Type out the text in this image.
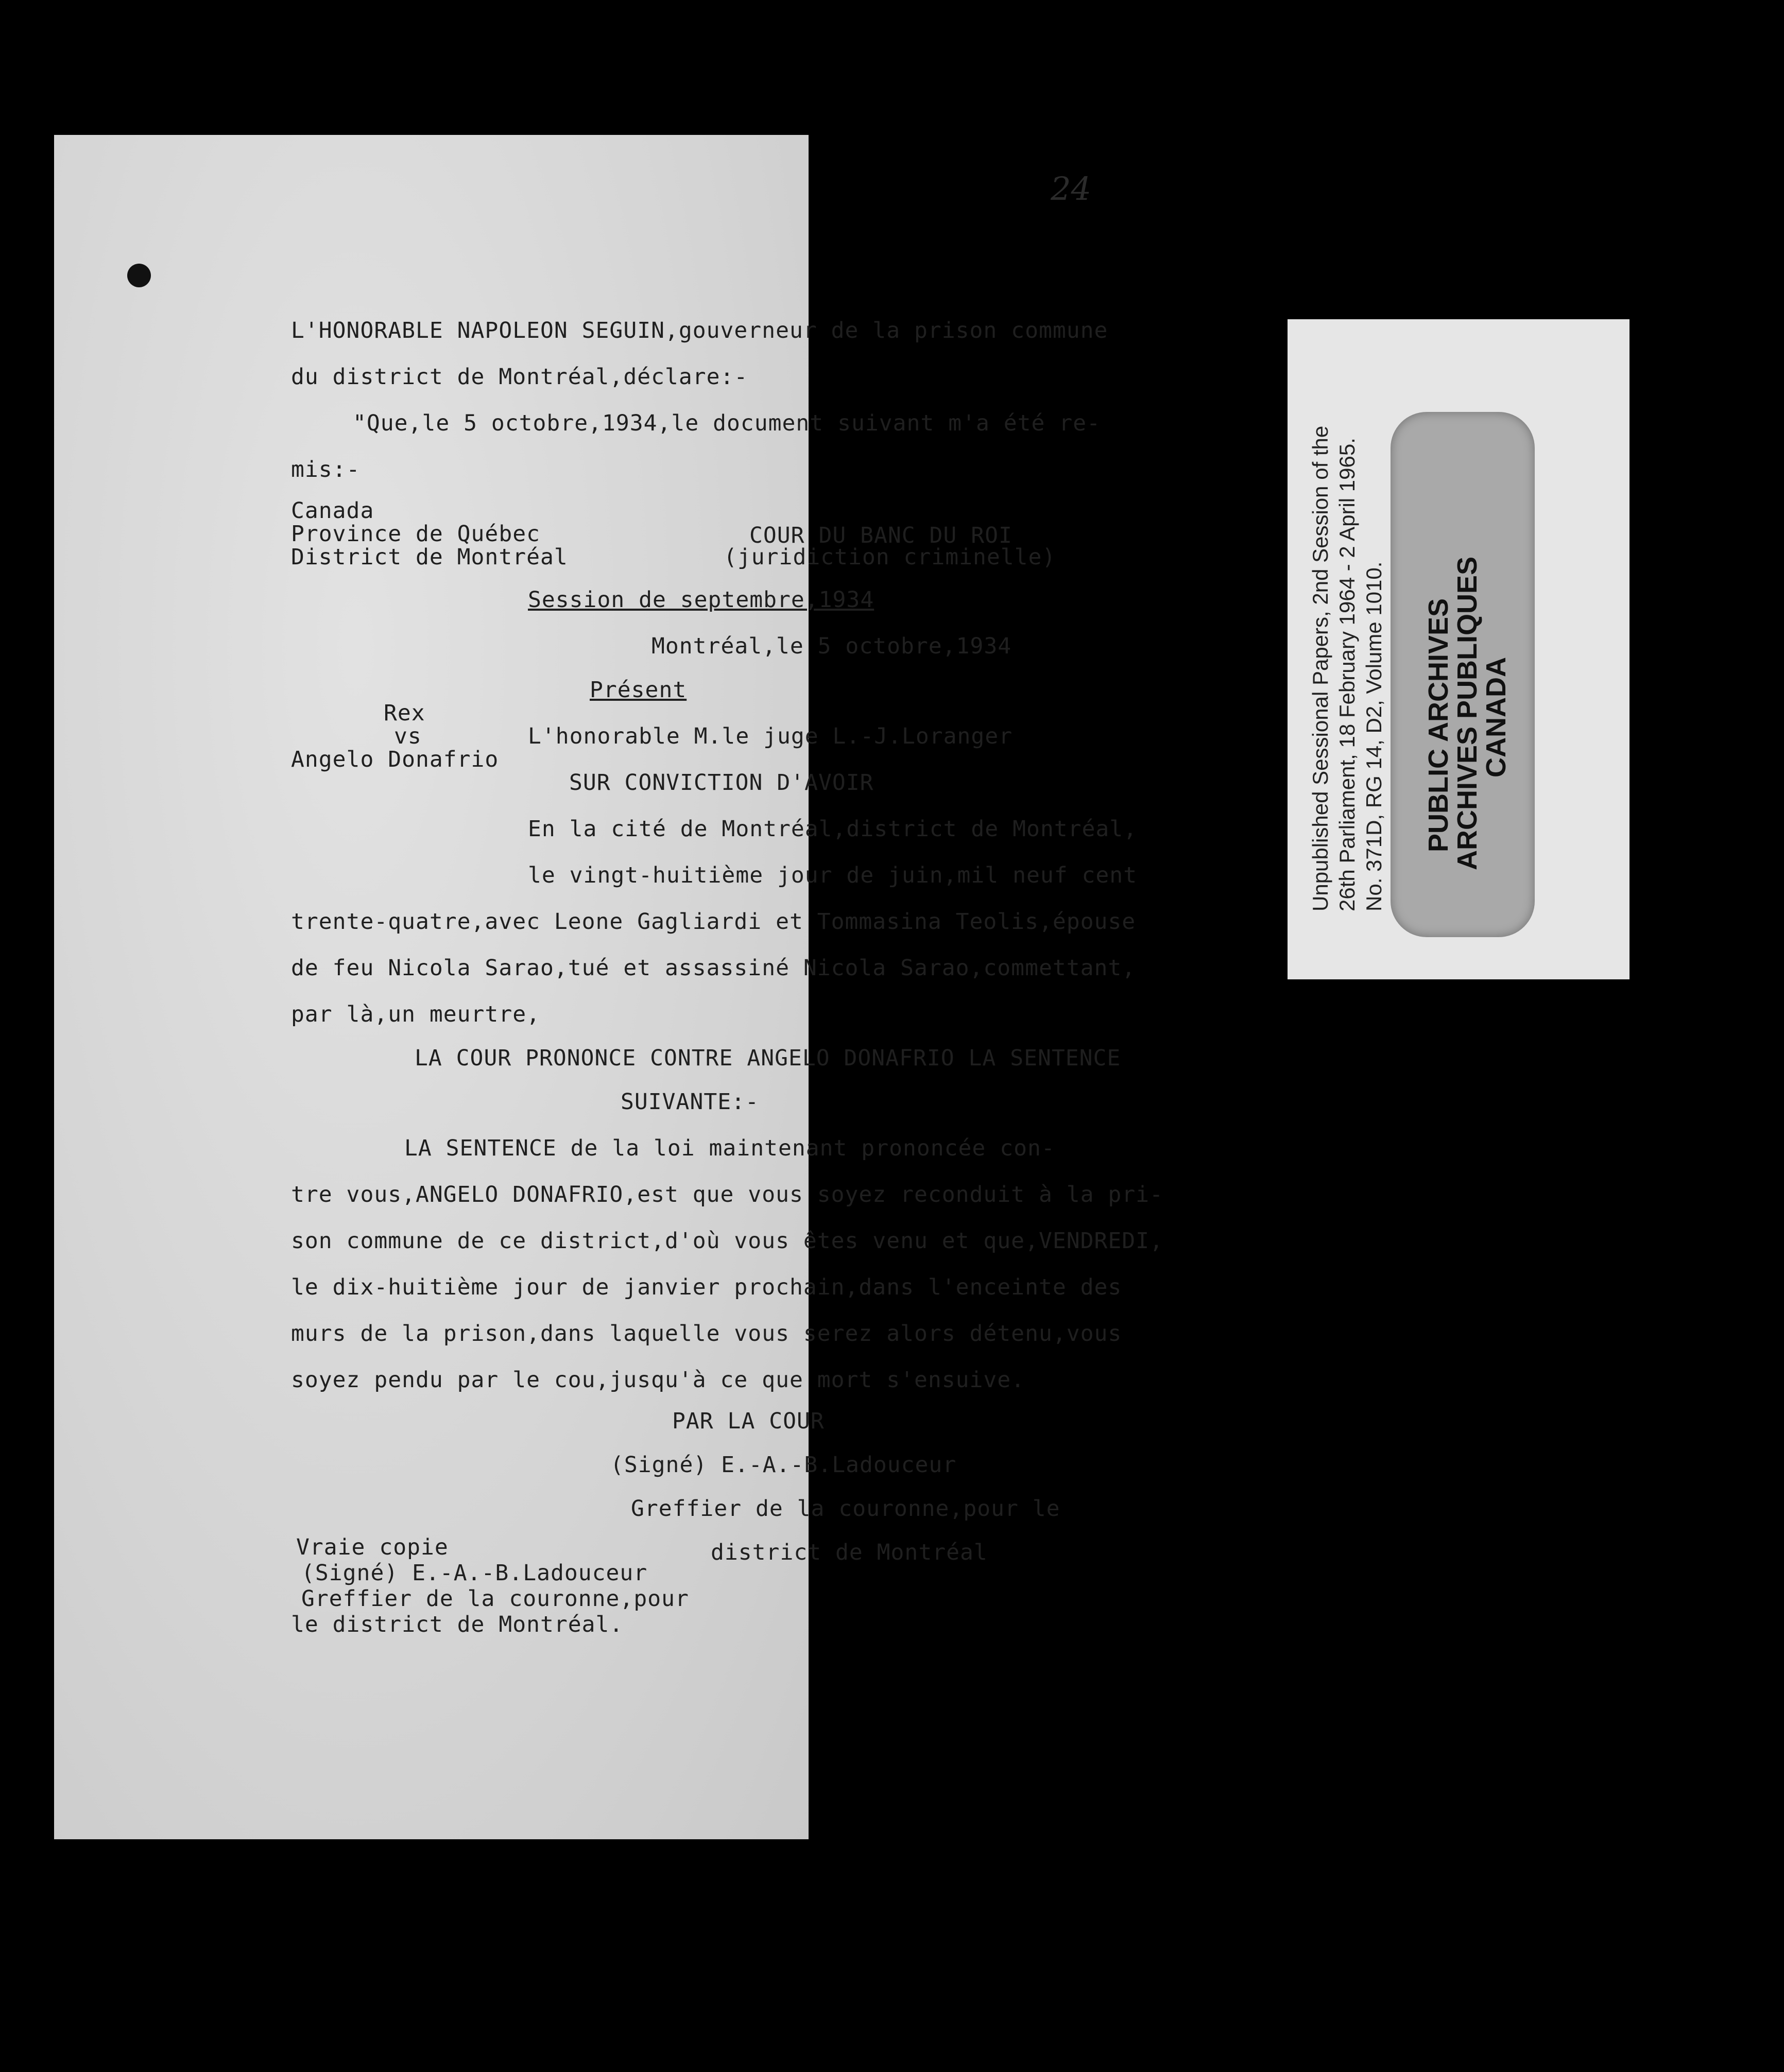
24
L'HONORABLE NAPOLEON SEGUIN,gouverneur de la prison commune
du district de Montréal,déclare:-
"Que,le 5 octobre,1934,le document suivant m'a été re-
mis:-
Canada
Province de Québec
District de Montréal
COUR DU BANC DU ROI
(juridiction criminelle)
Session de septembre,1934
Montréal,le 5 octobre,1934
Présent
Rex
vs	L'honorable M.le juge L.-J.Loranger
Angelo Donafrio
SUR CONVICTION D'AVOIR
En la cité de Montréal,district de Montréal,
le vingt-huitième jour de juin,mil neuf cent
trente-quatre,avec Leone Gagliardi et Tommasina Teolis,épouse
de feu Nicola Sarao,tué et assassiné Nicola Sarao,commettant,
par là,un meurtre,
LA COUR PRONONCE CONTRE ANGELO DONAFRIO LA SENTENCE
SUIVANTE:-
LA SENTENCE de la loi maintenant prononcée con-
tre vous,ANGELO DONAFRIO,est que vous soyez reconduit à la pri-
son commune de ce district,d'où vous êtes venu et que,VENDREDI,
le dix-huitième jour de janvier prochain,dans l'enceinte des
murs de la prison,dans laquelle vous serez alors détenu,vous
soyez pendu par le cou,jusqu'à ce que mort s'ensuive.
PAR LA COUR
(Signé) E.-A.-B.Ladouceur
Greffier de la couronne,pour le
district de Montréal
Vraie copie
(Signé) E.-A.-B.Ladouceur
Greffier de la couronne,pour
le district de Montréal.
Unpublished Sessional Papers, 2nd Session of the 26th Parliament, 18 February 1964 - 2 April 1965. No. 371D, RG 14, D2, Volume 1010. PUBLIC ARCHIVES
ARCHIVES PUBLIQUES
CANADA
